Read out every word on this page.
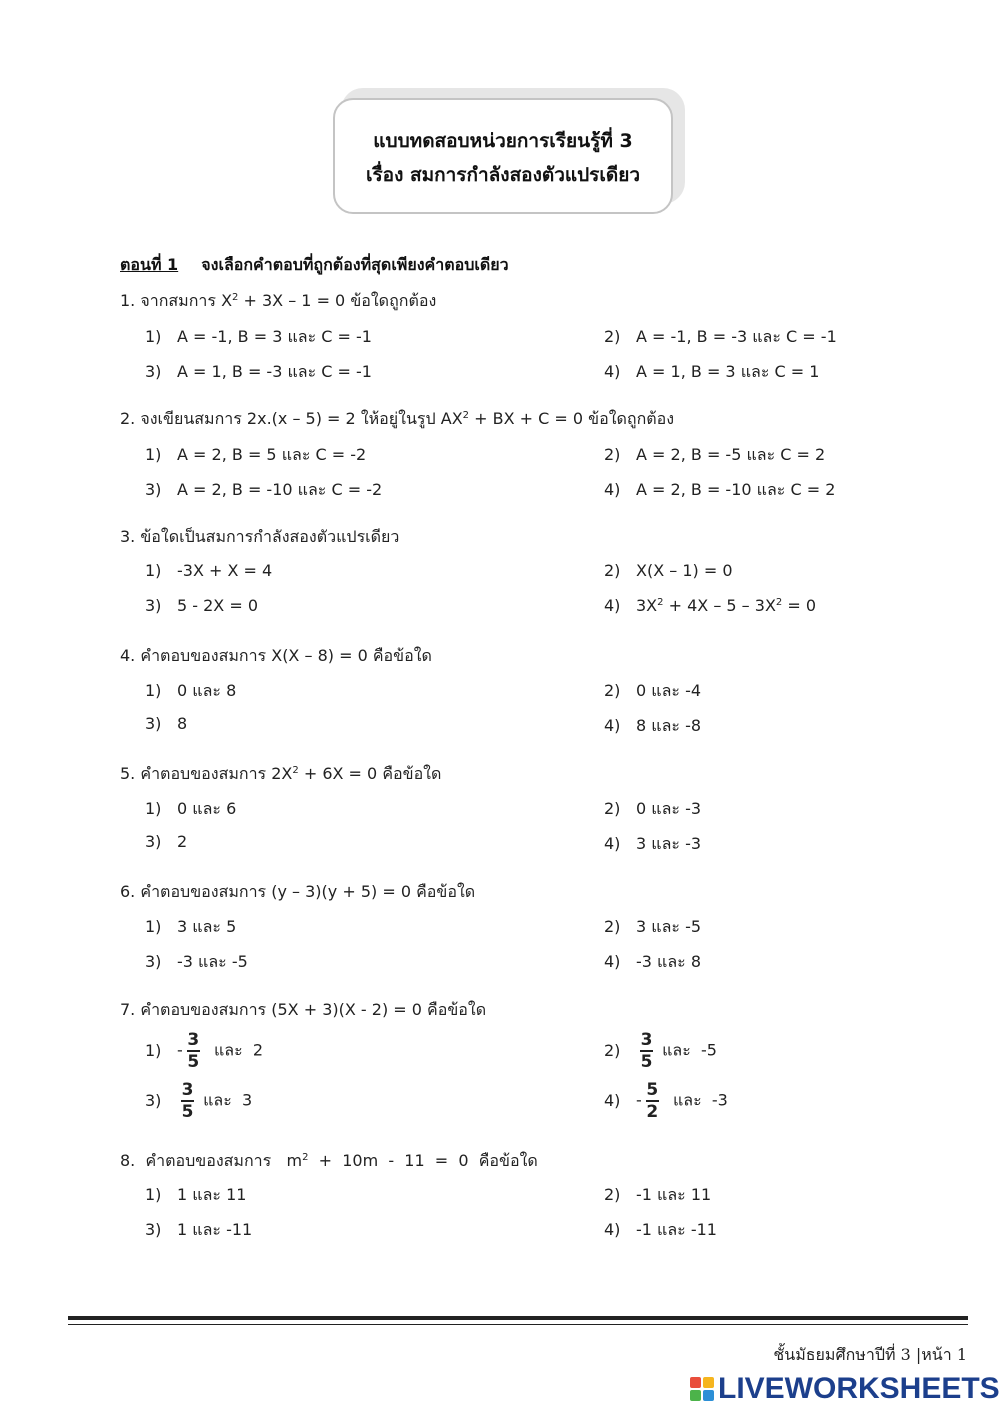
แบบทดสอบหน่วยการเรียนรู้ที่ 3
เรื่อง สมการกำลังสองตัวแปรเดียว
ตอนที่ 1 จงเลือกคำตอบที่ถูกต้องที่สุดเพียงคำตอบเดียว
1. จากสมการ $X^2 + 3X - 1 = 0$ ข้อใดถูกต้อง
1) A = -1, B = 3 และ C = -1	2) A = -1, B = -3 และ C = -1
3) A = 1, B = -3 และ C = -1	4) A = 1, B = 3 และ C = 1
2. จงเขียนสมการ 2x.(x – 5) = 2 ให้อยู่ในรูป $AX^2$ + BX + C = 0 ข้อใดถูกต้อง
1) A = 2, B = 5 และ C = -2	2) A = 2, B = -5 และ C = 2
3) A = 2, B = -10 และ C = -2	4) A = 2, B = -10 และ C = 2
3. ข้อใดเป็นสมการกำลังสองตัวแปรเดียว
1) -3X + X = 4	2) X(X – 1) = 0
3) 5 - 2X = 0	4) $3X^2 + 4X - 5 - 3X^2 = 0$
4. คำตอบของสมการ X(X – 8) = 0 คือข้อใด
1) 0 และ 8	2) 0 และ -4
3) 8	4) 8 และ -8
5. คำตอบของสมการ $2X^2 + 6X = 0$ คือข้อใด
1) 0 และ 6	2) 0 และ -3
3) 2	4) 3 และ -3
6. คำตอบของสมการ (y – 3)(y + 5) = 0 คือข้อใด
1) 3 และ 5	2) 3 และ -5
3) -3 และ -5	4) -3 และ 8
7. คำตอบของสมการ (5X + 3)(X - 2) = 0 คือข้อใด
$1) - \frac{3}{5}$ และ  2	$2) \frac{3}{5}$ และ  -5
$3) \frac{3}{5}$ และ  3	$4) - \frac{5}{2}$ และ  -3
8.  คำตอบของสมการ   $m^2 + 10m - 11 = 0$  คือข้อใด
1) 1 และ 11	2) -1 และ 11
3) 1 และ -11	4) -1 และ -11
ชั้นมัธยมศึกษาปีที่ 3 |หน้า 1
LIVEWORKSHEETS
